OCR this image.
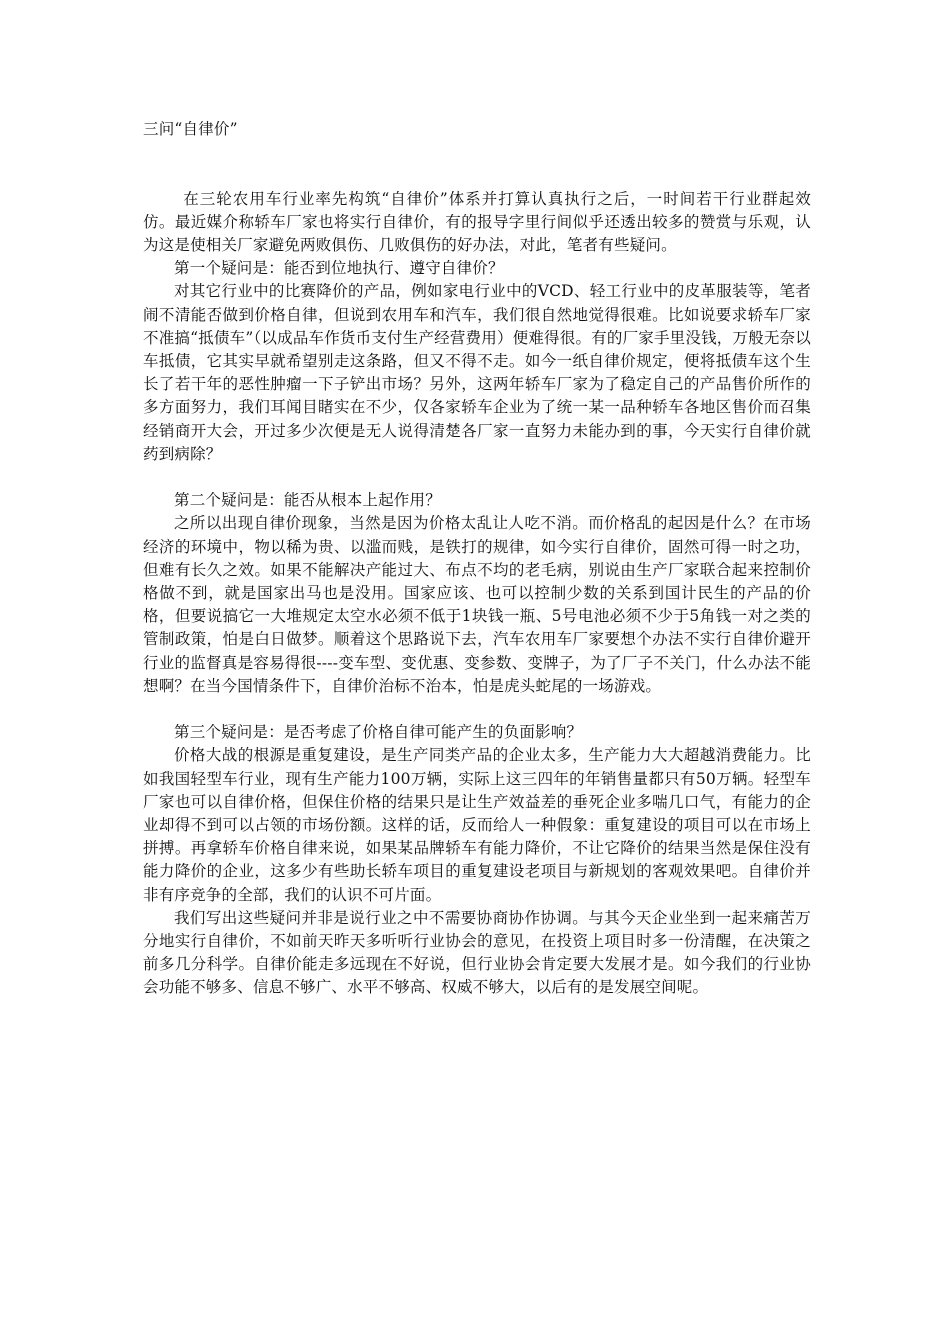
三问“自律价”

在三轮农用车行业率先构筑“自律价”体系并打算认真执行之后，一时间若干行业群起效仿。最近媒介称轿车厂家也将实行自律价，有的报导字里行间似乎还透出较多的赞赏与乐观，认为这是使相关厂家避免两败俱伤、几败俱伤的好办法，对此，笔者有些疑问。

第一个疑问是：能否到位地执行、遵守自律价？

对其它行业中的比赛降价的产品，例如家电行业中的VCD、轻工行业中的皮革服装等，笔者闹不清能否做到价格自律，但说到农用车和汽车，我们很自然地觉得很难。比如说要求轿车厂家不准搞“抵债车”（以成品车作货币支付生产经营费用）便难得很。有的厂家手里没钱，万般无奈以车抵债，它其实早就希望别走这条路，但又不得不走。如今一纸自律价规定，便将抵债车这个生长了若干年的恶性肿瘤一下子铲出市场？另外，这两年轿车厂家为了稳定自己的产品售价所作的多方面努力，我们耳闻目睹实在不少，仅各家轿车企业为了统一某一品种轿车各地区售价而召集经销商开大会，开过多少次便是无人说得清楚各厂家一直努力未能办到的事，今天实行自律价就药到病除？

第二个疑问是：能否从根本上起作用？

之所以出现自律价现象，当然是因为价格太乱让人吃不消。而价格乱的起因是什么？在市场经济的环境中，物以稀为贵、以滥而贱，是铁打的规律，如今实行自律价，固然可得一时之功，但难有长久之效。如果不能解决产能过大、布点不均的老毛病，别说由生产厂家联合起来控制价格做不到，就是国家出马也是没用。国家应该、也可以控制少数的关系到国计民生的产品的价格，但要说搞它一大堆规定太空水必须不低于1块钱一瓶、5号电池必须不少于5角钱一对之类的管制政策，怕是白日做梦。顺着这个思路说下去，汽车农用车厂家要想个办法不实行自律价避开行业的监督真是容易得很----变车型、变优惠、变参数、变牌子，为了厂子不关门，什么办法不能想啊？在当今国情条件下，自律价治标不治本，怕是虎头蛇尾的一场游戏。

第三个疑问是：是否考虑了价格自律可能产生的负面影响？

价格大战的根源是重复建设，是生产同类产品的企业太多，生产能力大大超越消费能力。比如我国轻型车行业，现有生产能力100万辆，实际上这三四年的年销售量都只有50万辆。轻型车厂家也可以自律价格，但保住价格的结果只是让生产效益差的垂死企业多喘几口气，有能力的企业却得不到可以占领的市场份额。这样的话，反而给人一种假象：重复建设的项目可以在市场上拼搏。再拿轿车价格自律来说，如果某品牌轿车有能力降价，不让它降价的结果当然是保住没有能力降价的企业，这多少有些助长轿车项目的重复建设老项目与新规划的客观效果吧。自律价并非有序竞争的全部，我们的认识不可片面。

我们写出这些疑问并非是说行业之中不需要协商协作协调。与其今天企业坐到一起来痛苦万分地实行自律价，不如前天昨天多听听行业协会的意见，在投资上项目时多一份清醒，在决策之前多几分科学。自律价能走多远现在不好说，但行业协会肯定要大发展才是。如今我们的行业协会功能不够多、信息不够广、水平不够高、权威不够大，以后有的是发展空间呢。
